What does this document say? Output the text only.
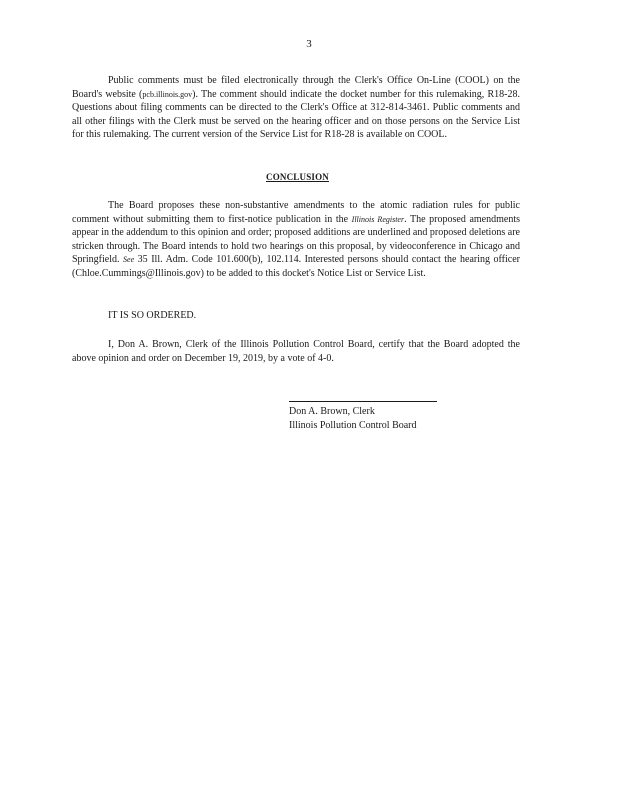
3

Public comments must be filed electronically through the Clerk's Office On-Line (COOL) on the Board's website (pcb.illinois.gov). The comment should indicate the docket number for this rulemaking, R18-28. Questions about filing comments can be directed to the Clerk's Office at 312-814-3461. Public comments and all other filings with the Clerk must be served on the hearing officer and on those persons on the Service List for this rulemaking. The current version of the Service List for R18-28 is available on COOL.

CONCLUSION

The Board proposes these non-substantive amendments to the atomic radiation rules for public comment without submitting them to first-notice publication in the Illinois Register. The proposed amendments appear in the addendum to this opinion and order; proposed additions are underlined and proposed deletions are stricken through. The Board intends to hold two hearings on this proposal, by videoconference in Chicago and Springfield. See 35 Ill. Adm. Code 101.600(b), 102.114. Interested persons should contact the hearing officer (Chloe.Cummings@Illinois.gov) to be added to this docket's Notice List or Service List.

IT IS SO ORDERED.

I, Don A. Brown, Clerk of the Illinois Pollution Control Board, certify that the Board adopted the above opinion and order on December 19, 2019, by a vote of 4-0.

Don A. Brown, Clerk
Illinois Pollution Control Board
